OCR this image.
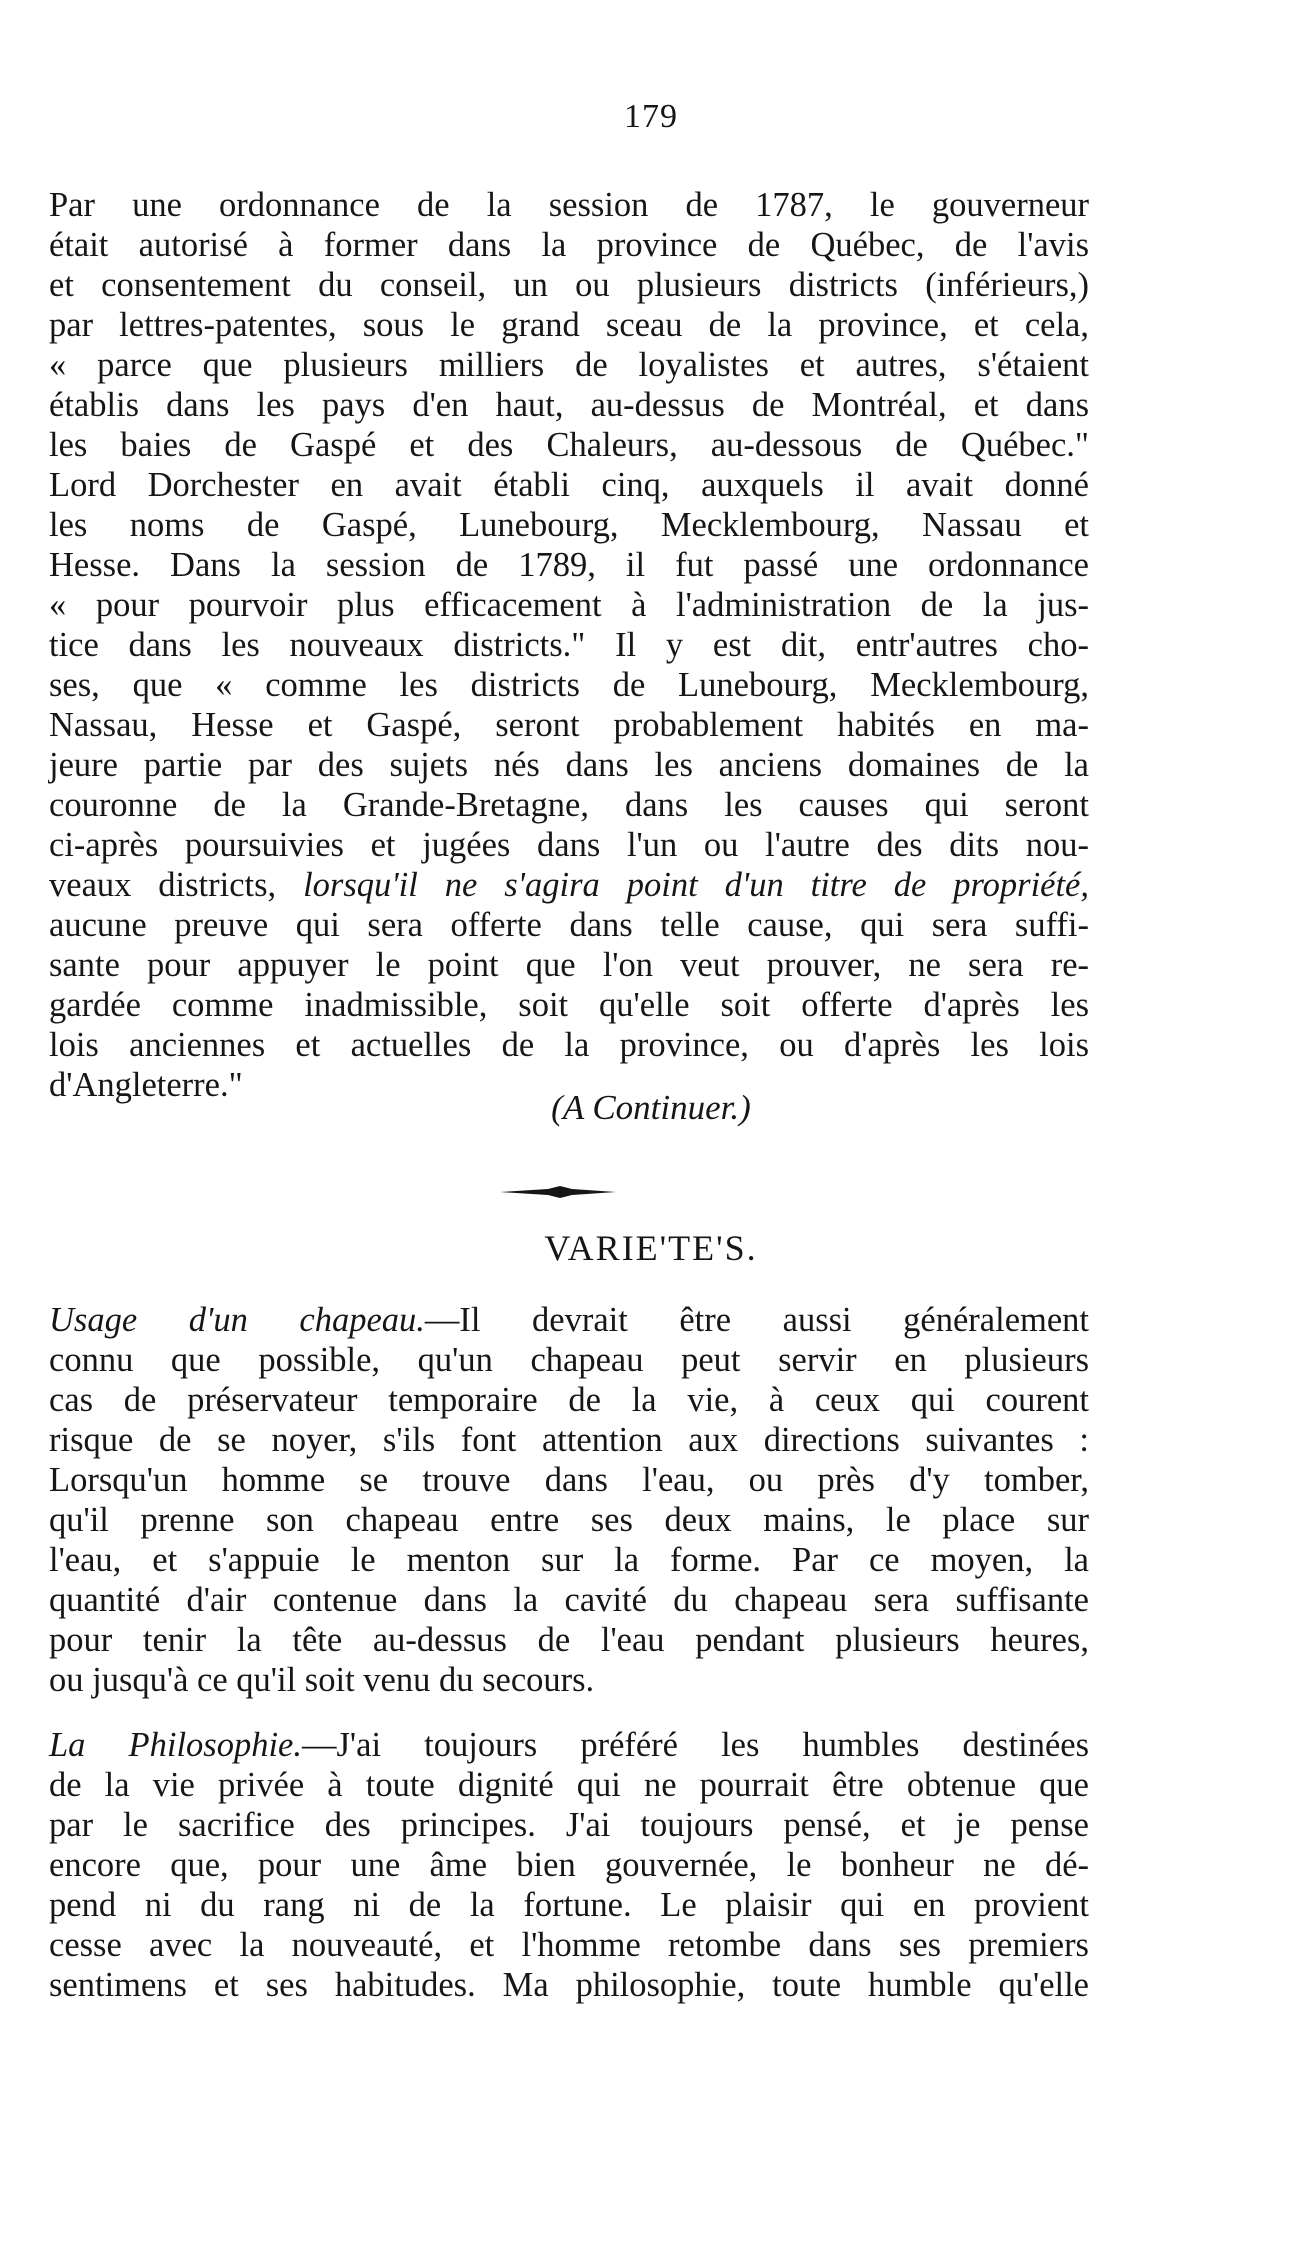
179
Par une ordonnance de la session de 1787, le gouverneur
était autorisé à former dans la province de Québec, de l'avis
et consentement du conseil, un ou plusieurs districts (inférieurs,)
par lettres-patentes, sous le grand sceau de la province, et cela,
« parce que plusieurs milliers de loyalistes et autres, s'étaient
établis dans les pays d'en haut, au-dessus de Montréal, et dans
les baies de Gaspé et des Chaleurs, au-dessous de Québec."
Lord Dorchester en avait établi cinq, auxquels il avait donné
les noms de Gaspé, Lunebourg, Mecklembourg, Nassau et
Hesse. Dans la session de 1789, il fut passé une ordonnance
« pour pourvoir plus efficacement à l'administration de la jus-
tice dans les nouveaux districts." Il y est dit, entr'autres cho-
ses, que « comme les districts de Lunebourg, Mecklembourg,
Nassau, Hesse et Gaspé, seront probablement habités en ma-
jeure partie par des sujets nés dans les anciens domaines de la
couronne de la Grande-Bretagne, dans les causes qui seront
ci-après poursuivies et jugées dans l'un ou l'autre des dits nou-
veaux districts, lorsqu'il ne s'agira point d'un titre de propriété,
aucune preuve qui sera offerte dans telle cause, qui sera suffi-
sante pour appuyer le point que l'on veut prouver, ne sera re-
gardée comme inadmissible, soit qu'elle soit offerte d'après les
lois anciennes et actuelles de la province, ou d'après les lois
d'Angleterre."
(A Continuer.)
VARIE'TE'S.
Usage d'un chapeau.—Il devrait être aussi généralement
connu que possible, qu'un chapeau peut servir en plusieurs
cas de préservateur temporaire de la vie, à ceux qui courent
risque de se noyer, s'ils font attention aux directions suivantes :
Lorsqu'un homme se trouve dans l'eau, ou près d'y tomber,
qu'il prenne son chapeau entre ses deux mains, le place sur
l'eau, et s'appuie le menton sur la forme. Par ce moyen, la
quantité d'air contenue dans la cavité du chapeau sera suffisante
pour tenir la tête au-dessus de l'eau pendant plusieurs heures,
ou jusqu'à ce qu'il soit venu du secours.
La Philosophie.—J'ai toujours préféré les humbles destinées
de la vie privée à toute dignité qui ne pourrait être obtenue que
par le sacrifice des principes. J'ai toujours pensé, et je pense
encore que, pour une âme bien gouvernée, le bonheur ne dé-
pend ni du rang ni de la fortune. Le plaisir qui en provient
cesse avec la nouveauté, et l'homme retombe dans ses premiers
sentimens et ses habitudes. Ma philosophie, toute humble qu'elle
